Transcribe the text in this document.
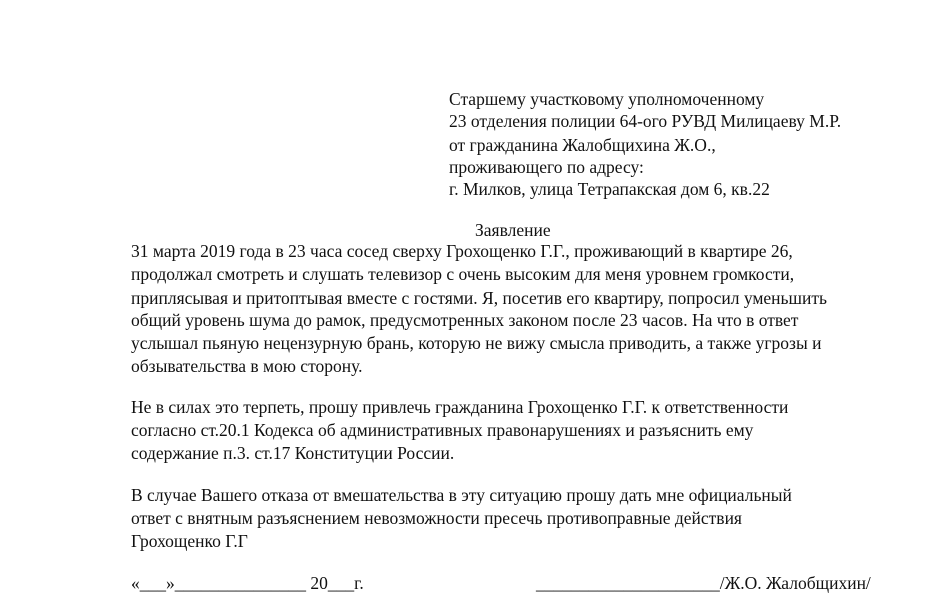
Старшему участковому уполномоченному
23 отделения полиции 64-ого РУВД Милицаеву М.Р.
от гражданина Жалобщихина Ж.О.,
проживающего по адресу:
г. Милков, улица Тетрапакская дом 6, кв.22
Заявление
31 марта 2019 года в 23 часа сосед сверху Грохощенко Г.Г., проживающий в квартире 26,
продолжал смотреть и слушать телевизор с очень высоким для меня уровнем громкости,
приплясывая и притоптывая вместе с гостями. Я, посетив его квартиру, попросил уменьшить
общий уровень шума до рамок, предусмотренных законом после 23 часов. На что в ответ
услышал пьяную нецензурную брань, которую не вижу смысла приводить, а также угрозы и
обзывательства в мою сторону.
Не в силах это терпеть, прошу привлечь гражданина Грохощенко Г.Г. к ответственности
согласно ст.20.1 Кодекса об административных правонарушениях и разъяснить ему
содержание п.3. ст.17 Конституции России.
В случае Вашего отказа от вмешательства в эту ситуацию прошу дать мне официальный
ответ с внятным разъяснением невозможности пресечь противоправные действия
Грохощенко Г.Г
«___»_______________ 20___г.	_____________________/Ж.О. Жалобщихин/
